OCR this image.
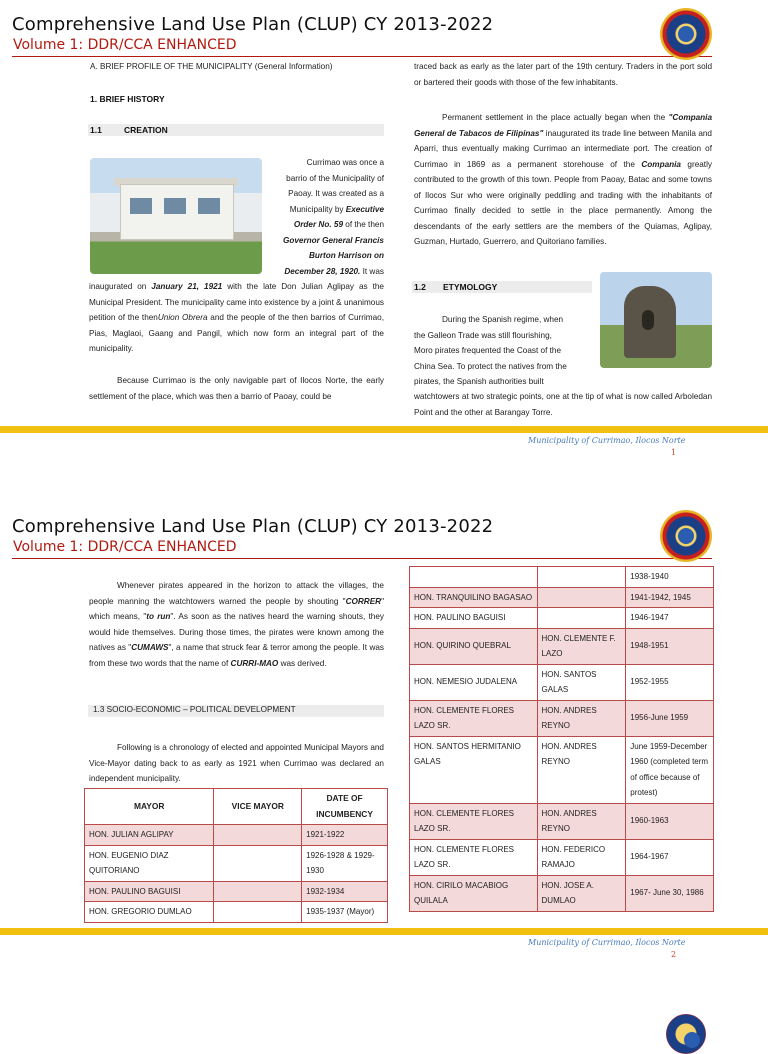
Comprehensive Land Use Plan (CLUP) CY 2013-2022
Volume 1: DDR/CCA ENHANCED
A. BRIEF PROFILE OF THE MUNICIPALITY (General Information)
1. BRIEF HISTORY
1.1	CREATION
Currimao was once a
barrio of the Municipality of
Paoay. It was created as a
Municipality by Executive
Order No. 59 of the then
Governor General Francis
Burton Harrison on
December 28, 1920. It was
inaugurated on January 21, 1921 with the late Don Julian Aglipay as the Municipal President. The municipality came into existence by a joint & unanimous petition of the thenUnion Obrera and the people of the then barrios of Currimao, Pias, Maglaoi, Gaang and Pangil, which now form an integral part of the municipality.
Because Currimao is the only navigable part of Ilocos Norte, the early settlement of the place, which was then a barrio of Paoay, could be
traced back as early as the later part of the 19th century. Traders in the port sold or bartered their goods with those of the few inhabitants.
Permanent settlement in the place actually began when the "Compania General de Tabacos de Filipinas" inaugurated its trade line between Manila and Aparri, thus eventually making Currimao an intermediate port. The creation of Currimao in 1869 as a permanent storehouse of the Compania greatly contributed to the growth of this town. People from Paoay, Batac and some towns of Ilocos Sur who were originally peddling and trading with the inhabitants of Currimao finally decided to settle in the place permanently. Among the descendants of the early settlers are the members of the Quiamas, Aglipay, Guzman, Hurtado, Guerrero, and Quitoriano families.
1.2 ETYMOLOGY
During the Spanish regime, when
the Galleon Trade was still flourishing,
Moro pirates frequented the Coast of the
China Sea. To protect the natives from the
pirates, the Spanish authorities built
watchtowers at two strategic points, one at the tip of what is now called Arboledan Point and the other at Barangay Torre.
Municipality of Currimao, Ilocos Norte
1
Comprehensive Land Use Plan (CLUP) CY 2013-2022
Volume 1: DDR/CCA ENHANCED
Whenever pirates appeared in the horizon to attack the villages, the people manning the watchtowers warned the people by shouting "CORRER" which means, "to run". As soon as the natives heard the warning shouts, they would hide themselves. During those times, the pirates were known among the natives as "CUMAWS", a name that struck fear & terror among the people. It was from these two words that the name of CURRI-MAO was derived.
1.3 SOCIO-ECONOMIC – POLITICAL DEVELOPMENT
Following is a chronology of elected and appointed Municipal Mayors and Vice-Mayor dating back to as early as 1921 when Currimao was declared an independent municipality.
MAYOR	VICE MAYOR	DATE OF INCUMBENCY
HON. JULIAN AGLIPAY		1921-1922
HON. EUGENIO DIAZ QUITORIANO		1926-1928 & 1929-1930
HON. PAULINO BAGUISI		1932-1934
HON. GREGORIO DUMLAO		1935-1937 (Mayor)
		1938-1940
HON. TRANQUILINO BAGASAO		1941-1942, 1945
HON. PAULINO BAGUISI		1946-1947
HON. QUIRINO QUEBRAL	HON. CLEMENTE F. LAZO	1948-1951
HON. NEMESIO JUDALENA	HON. SANTOS GALAS	1952-1955
HON. CLEMENTE FLORES LAZO SR.	HON. ANDRES REYNO	1956-June 1959
HON. SANTOS HERMITANIO GALAS	HON. ANDRES REYNO	June 1959-December 1960 (completed term of office because of protest)
HON. CLEMENTE FLORES LAZO SR.	HON. ANDRES REYNO	1960-1963
HON. CLEMENTE FLORES LAZO SR.	HON. FEDERICO RAMAJO	1964-1967
HON. CIRILO MACABIOG QUILALA	HON. JOSE A. DUMLAO	1967- June 30, 1986
Municipality of Currimao, Ilocos Norte
2
